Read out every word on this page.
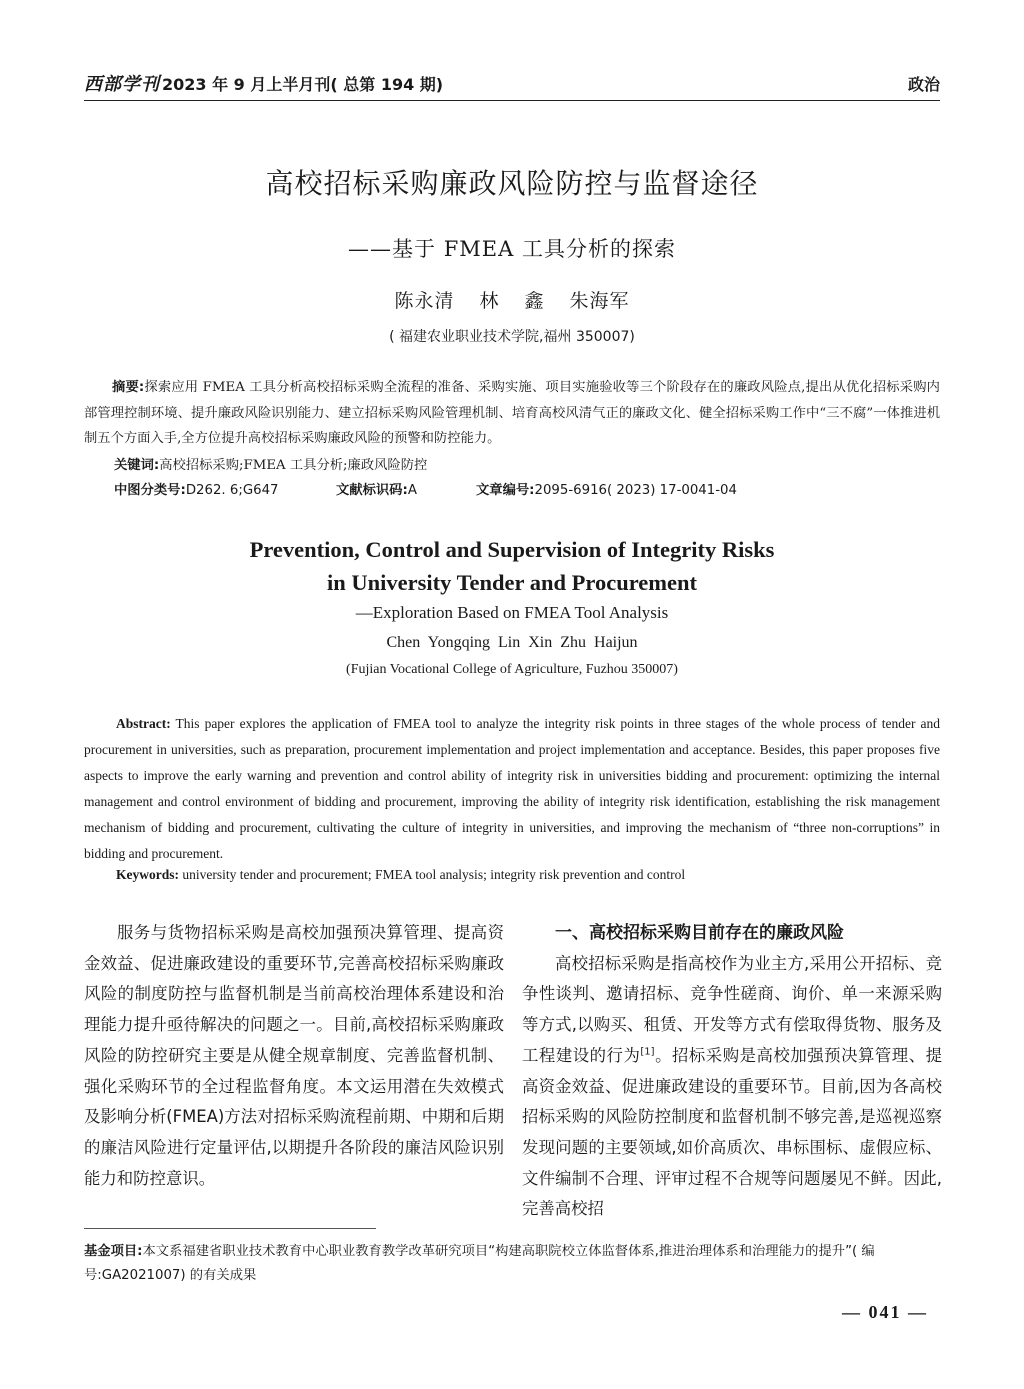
西部学刊 2023 年 9 月上半月刊( 总第 194 期)	政治
高校招标采购廉政风险防控与监督途径
——基于 FMEA 工具分析的探索
陈永清 林 鑫 朱海军
( 福建农业职业技术学院,福州 350007)
摘要:探索应用 FMEA 工具分析高校招标采购全流程的准备、采购实施、项目实施验收等三个阶段存在的廉政风险点,提出从优化招标采购内部管理控制环境、提升廉政风险识别能力、建立招标采购风险管理机制、培育高校风清气正的廉政文化、健全招标采购工作中“三不腐”一体推进机制五个方面入手,全方位提升高校招标采购廉政风险的预警和防控能力。
关键词:高校招标采购;FMEA 工具分析;廉政风险防控
中图分类号:D262. 6;G647	文献标识码:A	文章编号:2095-6916( 2023) 17-0041-04
Prevention, Control and Supervision of Integrity Risks
in University Tender and Procurement
—Exploration Based on FMEA Tool Analysis
Chen Yongqing Lin Xin Zhu Haijun
(Fujian Vocational College of Agriculture, Fuzhou 350007)
Abstract: This paper explores the application of FMEA tool to analyze the integrity risk points in three stages of the whole process of tender and procurement in universities, such as preparation, procurement implementation and project implementation and acceptance. Besides, this paper proposes five aspects to improve the early warning and prevention and control ability of integrity risk in universities bidding and procurement: optimizing the internal management and control environment of bidding and procurement, improving the ability of integrity risk identification, establishing the risk management mechanism of bidding and procurement, cultivating the culture of integrity in universities, and improving the mechanism of “three non-corruptions” in bidding and procurement.
Keywords: university tender and procurement; FMEA tool analysis; integrity risk prevention and control

服务与货物招标采购是高校加强预决算管理、提高资金效益、促进廉政建设的重要环节,完善高校招标采购廉政风险的制度防控与监督机制是当前高校治理体系建设和治理能力提升亟待解决的问题之一。目前,高校招标采购廉政风险的防控研究主要是从健全规章制度、完善监督机制、强化采购环节的全过程监督角度。本文运用潜在失效模式及影响分析(FMEA)方法对招标采购流程前期、中期和后期的廉洁风险进行定量评估,以期提升各阶段的廉洁风险识别能力和防控意识。

一、高校招标采购目前存在的廉政风险

高校招标采购是指高校作为业主方,采用公开招标、竞争性谈判、邀请招标、竞争性磋商、询价、单一来源采购等方式,以购买、租赁、开发等方式有偿取得货物、服务及工程建设的行为[1]。招标采购是高校加强预决算管理、提高资金效益、促进廉政建设的重要环节。目前,因为各高校招标采购的风险防控制度和监督机制不够完善,是巡视巡察发现问题的主要领域,如价高质次、串标围标、虚假应标、文件编制不合理、评审过程不合规等问题屡见不鲜。因此,完善高校招

基金项目:本文系福建省职业技术教育中心职业教育教学改革研究项目“构建高职院校立体监督体系,推进治理体系和治理能力的提升”( 编号:GA2021007) 的有关成果
— 041 —
